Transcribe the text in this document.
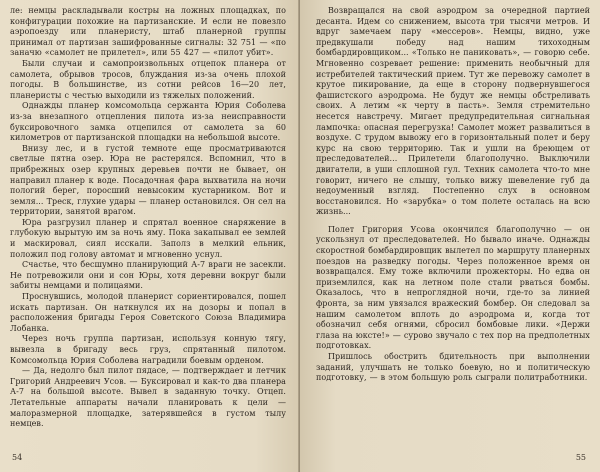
ле: немцы раскладывали костры на ложных площадках, по конфигурации похожие на партизанские. И если не повезло аэропоезду или планеристу, штаб планерной группы принимал от партизан зашифрованные сигналы: 32 751 — «по заначю «самолет не прилетел», или 55 427 — «пилот убит».

Были случаи и самопроизвольных отцепок планера от самолета, обрывов тросов, блуждания из-за очень плохой погоды. В большинстве, из сотни рейсов 16—20 лет, планеристы с честью выходили из тяжелых положений.

Однажды планер комсомольца сержанта Юрия Соболева из-за внезапного отцепления пилота из-за неисправности буксировочного замка отцепился от самолета за 60 километров от партизанской площадки на небольшой высоте.

Внизу лес, и в густой темноте еще просматриваются светлые пятна озер. Юра не растерялся. Вспомнил, что в прибрежных озер крупных деревьев почти не бывает, он направил планер к воде. Посадочная фара выхватила на ночи пологий берег, поросший невысоким кустарником. Вот и земля... Треск, глухие удары — планер остановился. Он сел на территории, занятой врагом.

Юра разгрузил планер и спрятал военное снаряжение в глубокую вырытую им за ночь яму. Пока закапывал ее землей и маскировал, сиял исскали. Заполз в мелкий ельник, положил под голову автомат и мгновенно уснул.

Счастье, что бесшумно планирующий А-7 враги не засекли. Не потревожили они и сон Юры, хотя деревни вокруг были забиты немцами и полицаями.

Проснувшись, молодой планерист сориентировался, пошел искать партизан. Он наткнулся их на дозоры и попал в расположения бригады Героя Советского Союза Владимира Лобанка.

Через ночь группа партизан, используя конную тягу, вывезла в бригаду весь груз, спрятанный пилотом. Комсомольца Юрия Соболева наградили боевым орденом.

— Да, недолго был пилот пядасе, — подтверждает и летчик Григорий Андреевич Усов. — Буксировал и как-то два планера А-7 на большой высоте. Вывел в заданную точку. Отцеп. Летательные аппараты начали планировать к цели — малоразмерной площадке, затерявшейся в густом тылу немцев.

54

Возвращался на свой аэродром за очередной партией десанта. Идем со снижением, высота три тысячи метров. И вдруг замечаем пару «мессеров». Немцы, видно, уже предвкушали победу над нашим тихоходным бомбардировщиком... «Только не паниковать», — говорю себе. Мгновенно созревает решение: применить необычный для истребителей тактический прием. Тут же перевожу самолет в крутое пикирование, да еще в сторону подвернувшегося фашистского аэродрома. Не будут же немцы обстреливать своих. А летим «к черту в пасть». Земля стремительно несется навстречу. Мигает предупредительная сигнальная лампочка: опасная перегрузка! Самолет может развалиться в воздухе. С трудом вывожу его в горизонтальный полет и беру курс на свою территорию. Так и ушли на бреющем от преследователей... Прилетели благополучно. Выключили двигатели, в уши сплошной гул. Техник самолета что-то мне говорит, ничего не слышу, только вижу шевеление губ да недоуменный взгляд. Постепенно слух в основном восстановился. Но «зарубка» о том полете осталась на всю жизнь...

Полет Григория Усова окончился благополучно — он ускользнул от преследователей. Но бывало иначе. Однажды скоростной бомбардировщик вылетел по маршруту планерных поездов на разведку погоды. Через положенное время он возвращался. Ему тоже включили прожекторы. Но едва он приземлился, как на летном поле стали рваться бомбы. Оказалось, что в непроглядной ночи, где-то за линией фронта, за ним увязался вражеский бомбер. Он следовал за нашим самолетом вплоть до аэродрома и, когда тот обозначил себя огнями, сбросил бомбовые лики. «Держи глаза на юксте!» — сурово звучало с тех пор на предполетных подготовках.

Пришлось обострить бдительность при выполнении заданий, улучшать не только боевую, но и политическую подготовку, — в этом большую роль сыграли политработники.

55
